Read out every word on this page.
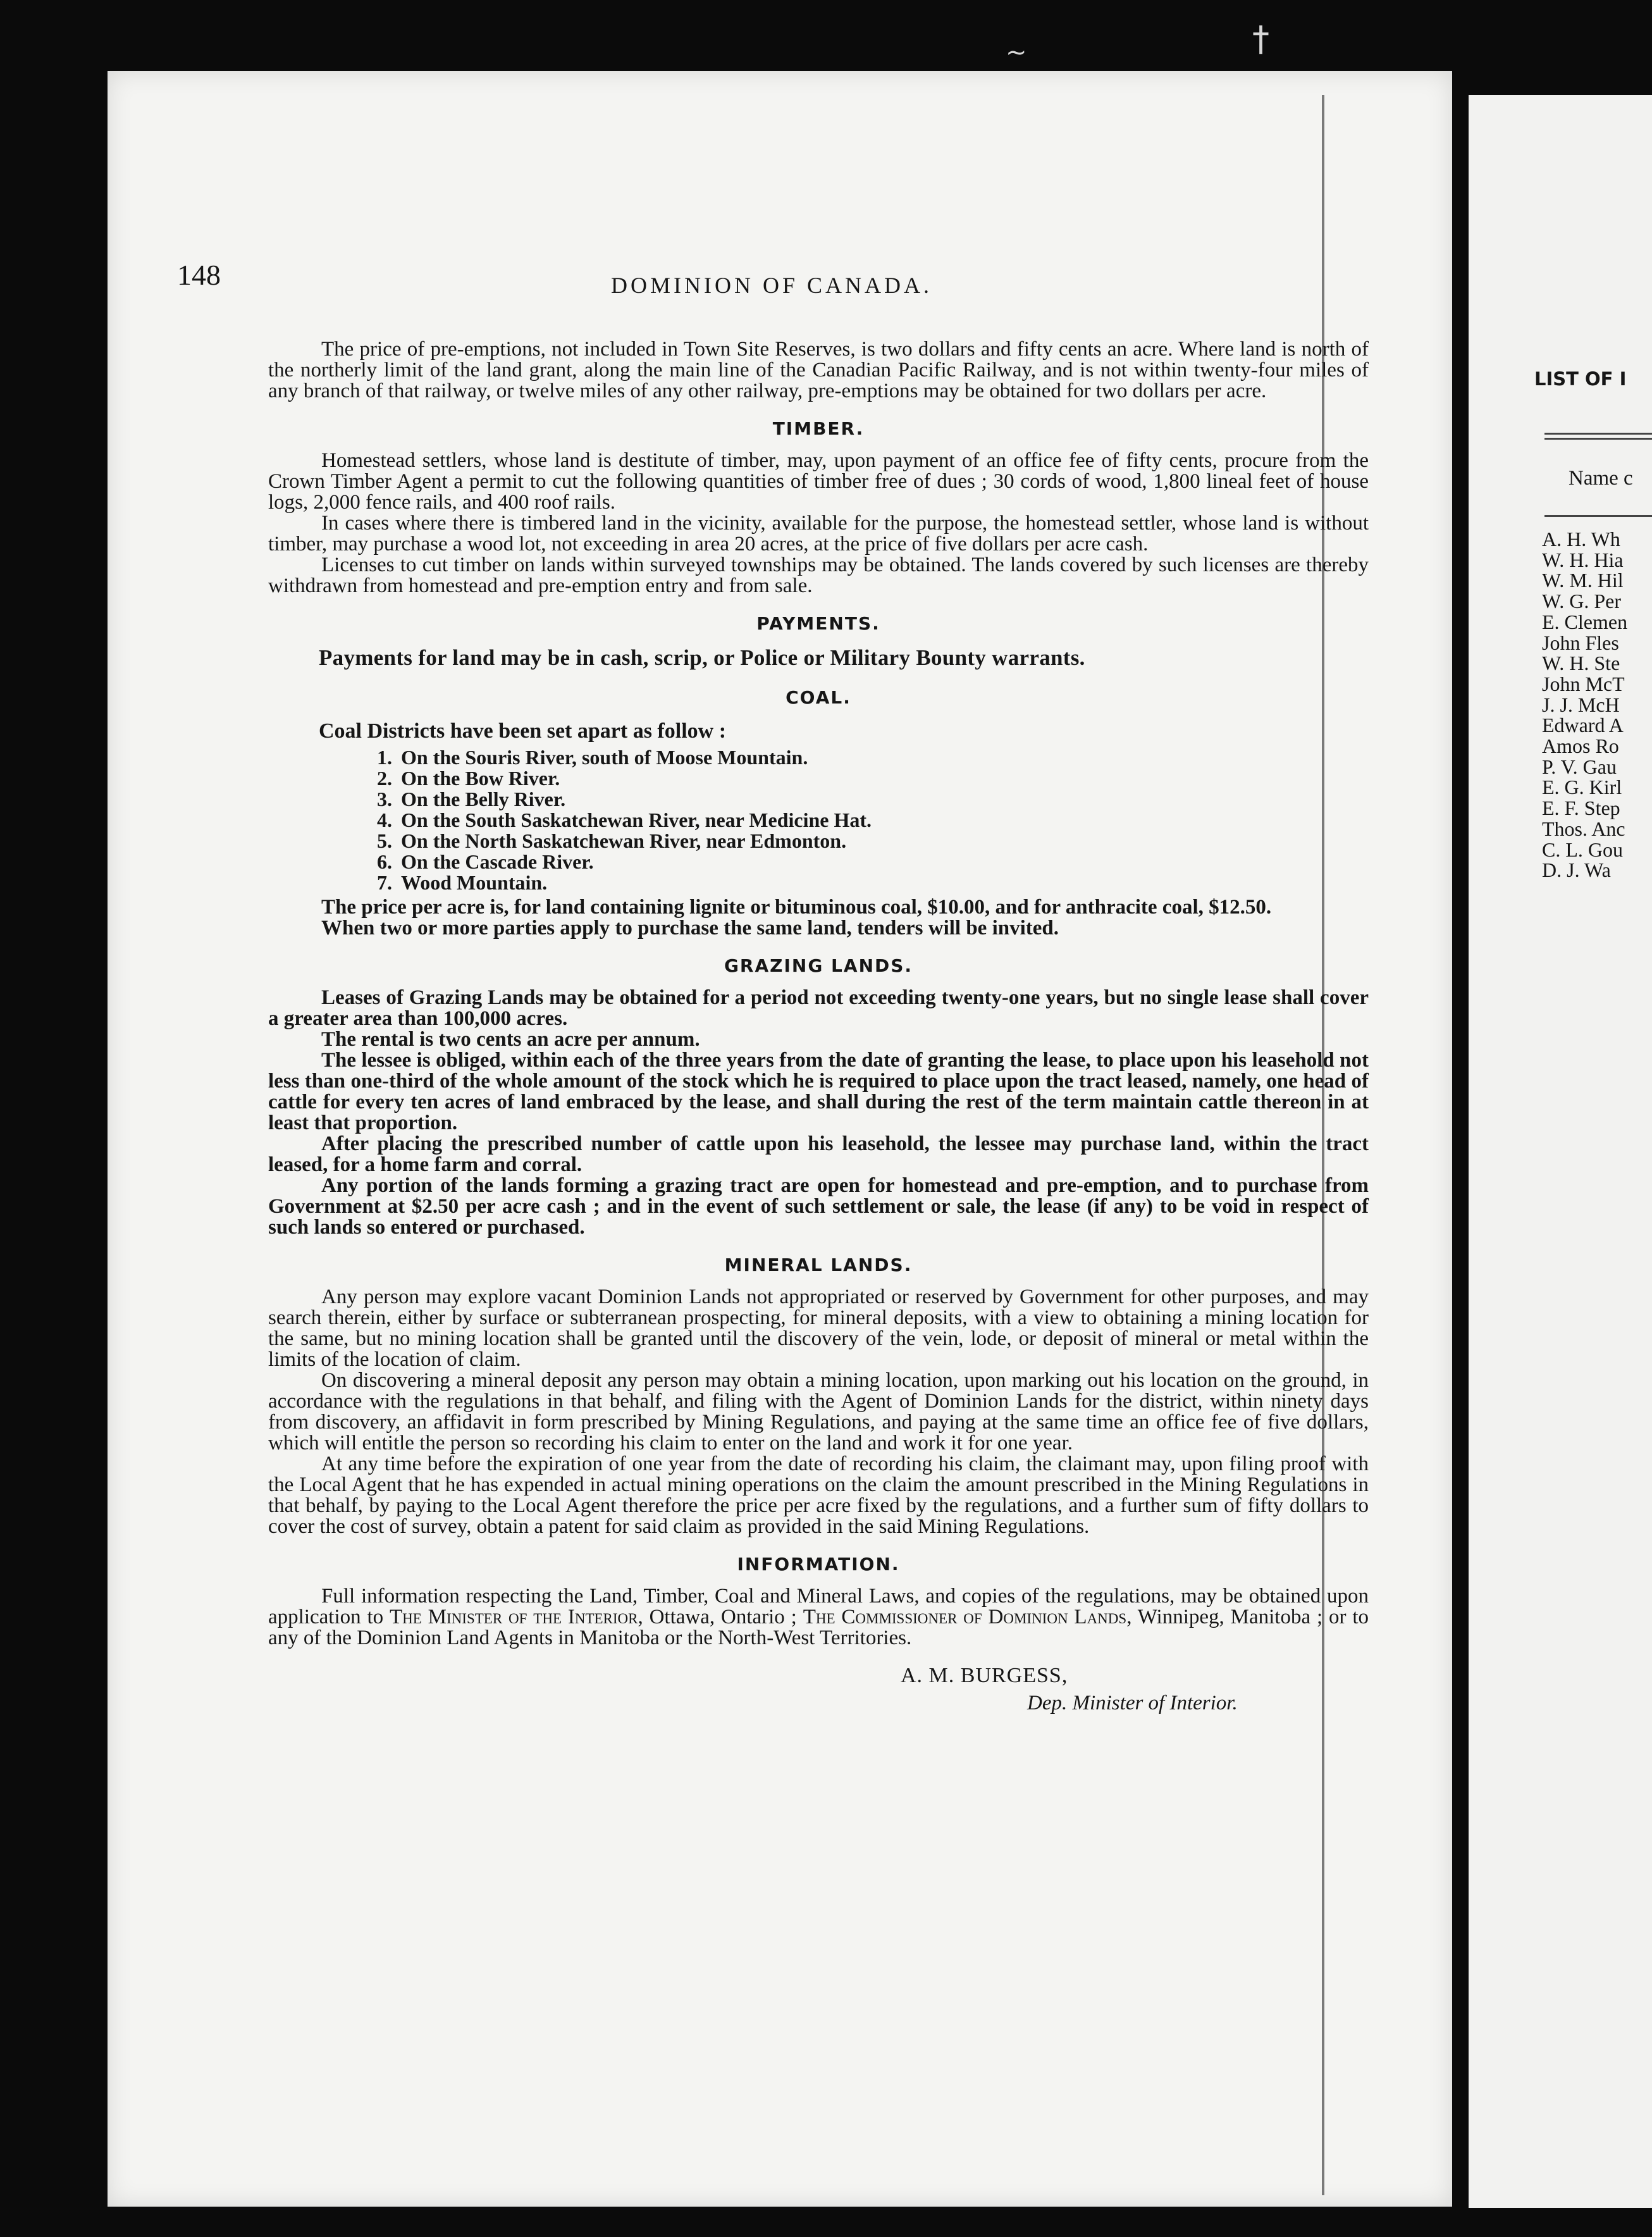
~	†
148	DOMINION OF CANADA.

The price of pre-emptions, not included in Town Site Reserves, is two dollars and fifty cents an acre. Where land is north of the northerly limit of the land grant, along the main line of the Canadian Pacific Railway, and is not within twenty-four miles of any branch of that railway, or twelve miles of any other railway, pre-emptions may be obtained for two dollars per acre.

TIMBER.

Homestead settlers, whose land is destitute of timber, may, upon payment of an office fee of fifty cents, procure from the Crown Timber Agent a permit to cut the following quantities of timber free of dues ; 30 cords of wood, 1,800 lineal feet of house logs, 2,000 fence rails, and 400 roof rails.

In cases where there is timbered land in the vicinity, available for the purpose, the homestead settler, whose land is without timber, may purchase a wood lot, not exceeding in area 20 acres, at the price of five dollars per acre cash.

Licenses to cut timber on lands within surveyed townships may be obtained. The lands covered by such licenses are thereby withdrawn from homestead and pre-emption entry and from sale.

PAYMENTS.

Payments for land may be in cash, scrip, or Police or Military Bounty warrants.

COAL.

Coal Districts have been set apart as follow :

1. On the Souris River, south of Moose Mountain.
2. On the Bow River.
3. On the Belly River.
4. On the South Saskatchewan River, near Medicine Hat.
5. On the North Saskatchewan River, near Edmonton.
6. On the Cascade River.
7. Wood Mountain.

The price per acre is, for land containing lignite or bituminous coal, $10.00, and for anthracite coal, $12.50.

When two or more parties apply to purchase the same land, tenders will be invited.

GRAZING LANDS.

Leases of Grazing Lands may be obtained for a period not exceeding twenty-one years, but no single lease shall cover a greater area than 100,000 acres.

The rental is two cents an acre per annum.

The lessee is obliged, within each of the three years from the date of granting the lease, to place upon his leasehold not less than one-third of the whole amount of the stock which he is required to place upon the tract leased, namely, one head of cattle for every ten acres of land embraced by the lease, and shall during the rest of the term maintain cattle thereon in at least that proportion.

After placing the prescribed number of cattle upon his leasehold, the lessee may purchase land, within the tract leased, for a home farm and corral.

Any portion of the lands forming a grazing tract are open for homestead and pre-emption, and to purchase from Government at $2.50 per acre cash ; and in the event of such settlement or sale, the lease (if any) to be void in respect of such lands so entered or purchased.

MINERAL LANDS.

Any person may explore vacant Dominion Lands not appropriated or reserved by Government for other purposes, and may search therein, either by surface or subterranean prospecting, for mineral deposits, with a view to obtaining a mining location for the same, but no mining location shall be granted until the discovery of the vein, lode, or deposit of mineral or metal within the limits of the location of claim.

On discovering a mineral deposit any person may obtain a mining location, upon marking out his location on the ground, in accordance with the regulations in that behalf, and filing with the Agent of Dominion Lands for the district, within ninety days from discovery, an affidavit in form prescribed by Mining Regulations, and paying at the same time an office fee of five dollars, which will entitle the person so recording his claim to enter on the land and work it for one year.

At any time before the expiration of one year from the date of recording his claim, the claimant may, upon filing proof with the Local Agent that he has expended in actual mining operations on the claim the amount prescribed in the Mining Regulations in that behalf, by paying to the Local Agent therefore the price per acre fixed by the regulations, and a further sum of fifty dollars to cover the cost of survey, obtain a patent for said claim as provided in the said Mining Regulations.

INFORMATION.

Full information respecting the Land, Timber, Coal and Mineral Laws, and copies of the regulations, may be obtained upon application to The Minister of the Interior, Ottawa, Ontario ; The Commissioner of Dominion Lands, Winnipeg, Manitoba ; or to any of the Dominion Land Agents in Manitoba or the North-West Territories.

A. M. BURGESS,
Dep. Minister of Interior.
LIST OF I
Name c
A. H. Wh
W. H. Hia
W. M. Hil
W. G. Per
E. Clemen
John Fles
W. H. Ste
John McT
J. J. McH
Edward A
Amos Ro
P. V. Gau
E. G. Kirl
E. F. Step
Thos. Anc
C. L. Gou
D. J. Wa
